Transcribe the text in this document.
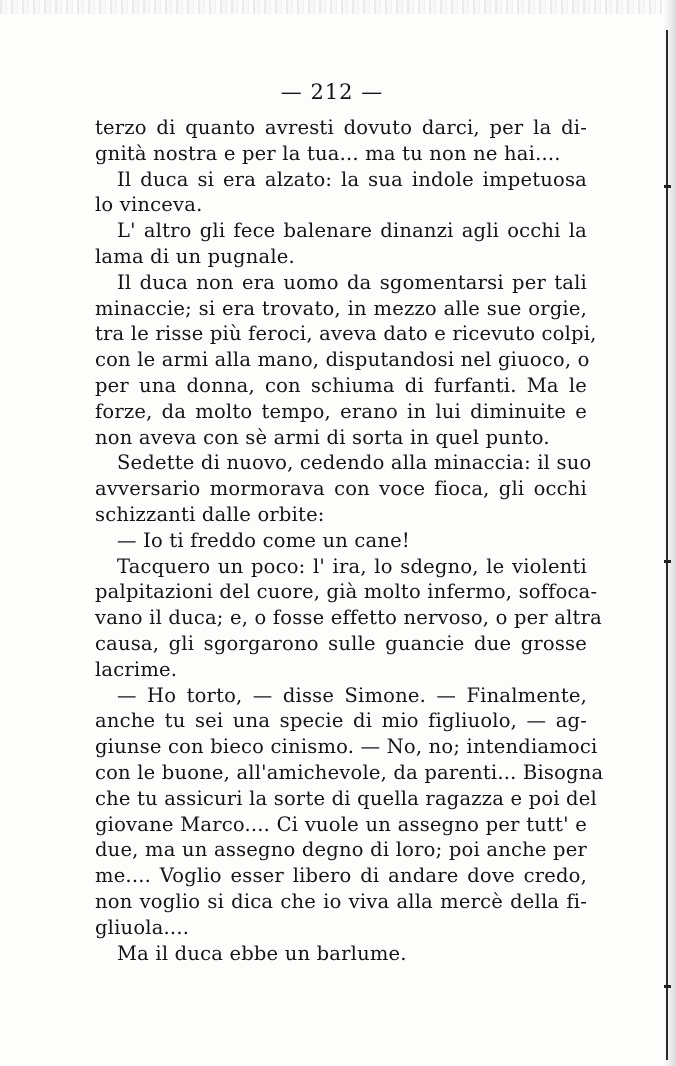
— 212 —
terzo di quanto avresti dovuto darci, per la di-
gnità nostra e per la tua... ma tu non ne hai....
Il duca si era alzato: la sua indole impetuosa
lo vinceva.
L' altro gli fece balenare dinanzi agli occhi la
lama di un pugnale.
Il duca non era uomo da sgomentarsi per tali
minaccie; si era trovato, in mezzo alle sue orgie,
tra le risse più feroci, aveva dato e ricevuto colpi,
con le armi alla mano, disputandosi nel giuoco, o
per una donna, con schiuma di furfanti. Ma le
forze, da molto tempo, erano in lui diminuite e
non aveva con sè armi di sorta in quel punto.
Sedette di nuovo, cedendo alla minaccia: il suo
avversario mormorava con voce fioca, gli occhi
schizzanti dalle orbite:
— Io ti freddo come un cane!
Tacquero un poco: l' ira, lo sdegno, le violenti
palpitazioni del cuore, già molto infermo, soffoca-
vano il duca; e, o fosse effetto nervoso, o per altra
causa, gli sgorgarono sulle guancie due grosse
lacrime.
— Ho torto, — disse Simone. — Finalmente,
anche tu sei una specie di mio figliuolo, — ag-
giunse con bieco cinismo. — No, no; intendiamoci
con le buone, all'amichevole, da parenti... Bisogna
che tu assicuri la sorte di quella ragazza e poi del
giovane Marco.... Ci vuole un assegno per tutt' e
due, ma un assegno degno di loro; poi anche per
me.... Voglio esser libero di andare dove credo,
non voglio si dica che io viva alla mercè della fi-
gliuola....
Ma il duca ebbe un barlume.
